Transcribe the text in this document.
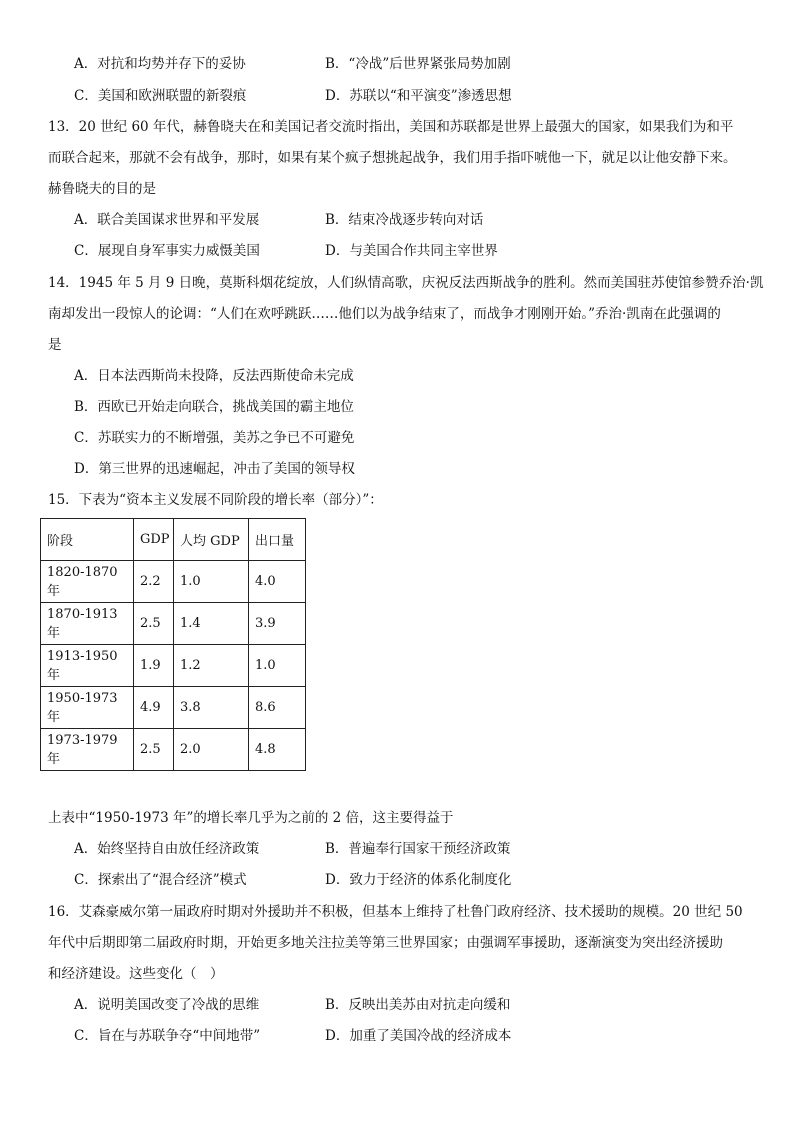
A．对抗和均势并存下的妥协	B．“冷战”后世界紧张局势加剧
C．美国和欧洲联盟的新裂痕	D．苏联以“和平演变”渗透思想
13．20 世纪 60 年代，赫鲁晓夫在和美国记者交流时指出，美国和苏联都是世界上最强大的国家，如果我们为和平
而联合起来，那就不会有战争，那时，如果有某个疯子想挑起战争，我们用手指吓唬他一下，就足以让他安静下来。
赫鲁晓夫的目的是
A．联合美国谋求世界和平发展	B．结束冷战逐步转向对话
C．展现自身军事实力威慑美国	D．与美国合作共同主宰世界
14．1945 年 5 月 9 日晚，莫斯科烟花绽放，人们纵情高歌，庆祝反法西斯战争的胜利。然而美国驻苏使馆参赞乔治·凯
南却发出一段惊人的论调：“人们在欢呼跳跃……他们以为战争结束了，而战争才刚刚开始。”乔治·凯南在此强调的
是
A．日本法西斯尚未投降，反法西斯使命未完成
B．西欧已开始走向联合，挑战美国的霸主地位
C．苏联实力的不断增强，美苏之争已不可避免
D．第三世界的迅速崛起，冲击了美国的领导权
15．下表为“资本主义发展不同阶段的增长率（部分）”：
阶段	GDP	人均 GDP	出口量
1820-1870 年	2.2	1.0	4.0
1870-1913 年	2.5	1.4	3.9
1913-1950 年	1.9	1.2	1.0
1950-1973 年	4.9	3.8	8.6
1973-1979 年	2.5	2.0	4.8
上表中“1950-1973 年”的增长率几乎为之前的 2 倍，这主要得益于
A．始终坚持自由放任经济政策	B．普遍奉行国家干预经济政策
C．探索出了“混合经济”模式	D．致力于经济的体系化制度化
16．艾森豪威尔第一届政府时期对外援助并不积极，但基本上维持了杜鲁门政府经济、技术援助的规模。20 世纪 50
年代中后期即第二届政府时期，开始更多地关注拉美等第三世界国家；由强调军事援助，逐渐演变为突出经济援助
和经济建设。这些变化（　）
A．说明美国改变了冷战的思维	B．反映出美苏由对抗走向缓和
C．旨在与苏联争夺“中间地带”	D．加重了美国冷战的经济成本
